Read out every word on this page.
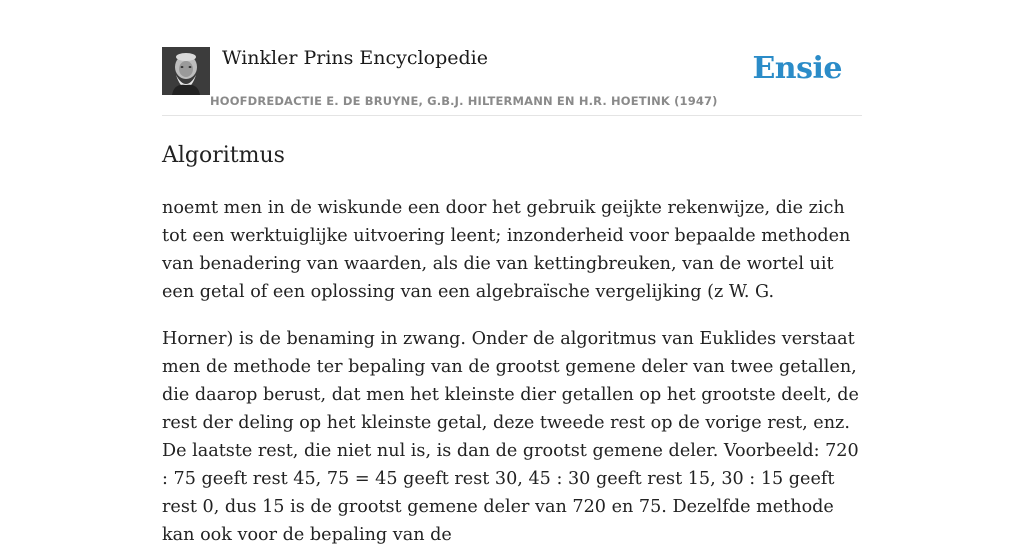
Winkler Prins Encyclopedie
HOOFDREDACTIE E. DE BRUYNE, G.B.J. HILTERMANN EN H.R. HOETINK (1947)
Ensie
Algoritmus

noemt men in de wiskunde een door het gebruik geijkte rekenwijze, die zich tot een werktuiglijke uitvoering leent; inzonderheid voor bepaalde methoden van benadering van waarden, als die van kettingbreuken, van de wortel uit een getal of een oplossing van een algebraïsche vergelijking (z W. G.

Horner) is de benaming in zwang. Onder de algoritmus van Euklides verstaat men de methode ter bepaling van de grootst gemene deler van twee getallen, die daarop berust, dat men het kleinste dier getallen op het grootste deelt, de rest der deling op het kleinste getal, deze tweede rest op de vorige rest, enz. De laatste rest, die niet nul is, is dan de grootst gemene deler. Voorbeeld: 720 : 75 geeft rest 45, 75 = 45 geeft rest 30, 45 : 30 geeft rest 15, 30 : 15 geeft rest 0, dus 15 is de grootst gemene deler van 720 en 75. Dezelfde methode kan ook voor de bepaling van de
